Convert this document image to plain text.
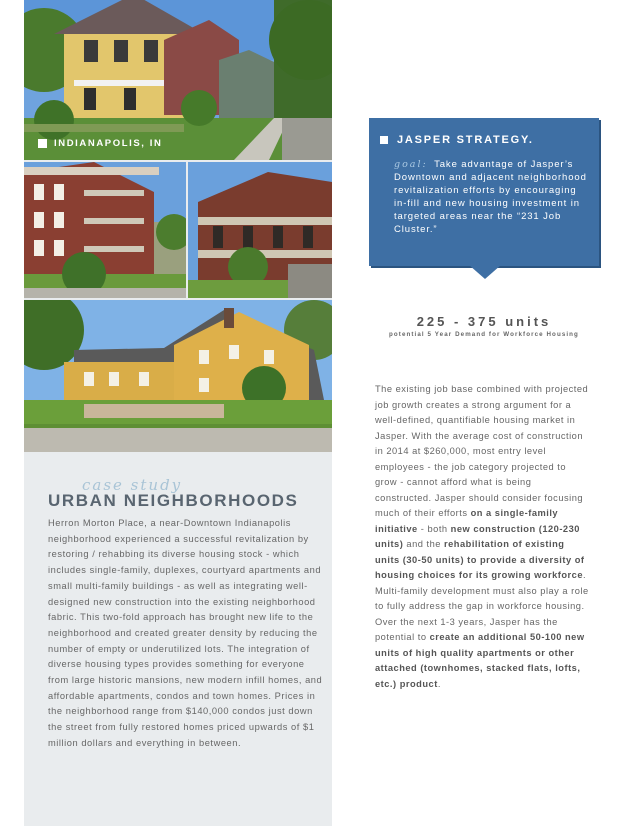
INDIANAPOLIS, IN
case study
URBAN NEIGHBORHOODS

Herron Morton Place, a near-Downtown Indianapolis neighborhood experienced a successful revitalization by restoring / rehabbing its diverse housing stock - which includes single-family, duplexes, courtyard apartments and small multi-family buildings - as well as integrating well-designed new construction into the existing neighborhood fabric. This two-fold approach has brought new life to the neighborhood and created greater density by reducing the number of empty or underutilized lots. The integration of diverse housing types provides something for everyone from large historic mansions, new modern infill homes, and affordable apartments, condos and town homes. Prices in the neighborhood range from $140,000 condos just down the street from fully restored homes priced upwards of $1 million dollars and everything in between.

JASPER STRATEGY.
goal: Take advantage of Jasper’s Downtown and adjacent neighborhood revitalization efforts by encouraging in-fill and new housing investment in targeted areas near the “231 Job Cluster.”
225 - 375 units
potential 5 Year Demand for Workforce Housing

The existing job base combined with projected job growth creates a strong argument for a well-defined, quantifiable housing market in Jasper. With the average cost of construction in 2014 at $260,000, most entry level employees - the job category projected to grow - cannot afford what is being constructed. Jasper should consider focusing much of their efforts on a single-family initiative - both new construction (120-230 units) and the rehabilitation of existing units (30-50 units) to provide a diversity of housing choices for its growing workforce. Multi-family development must also play a role to fully address the gap in workforce housing. Over the next 1-3 years, Jasper has the potential to create an additional 50-100 new units of high quality apartments or other attached (townhomes, stacked flats, lofts, etc.) product.
